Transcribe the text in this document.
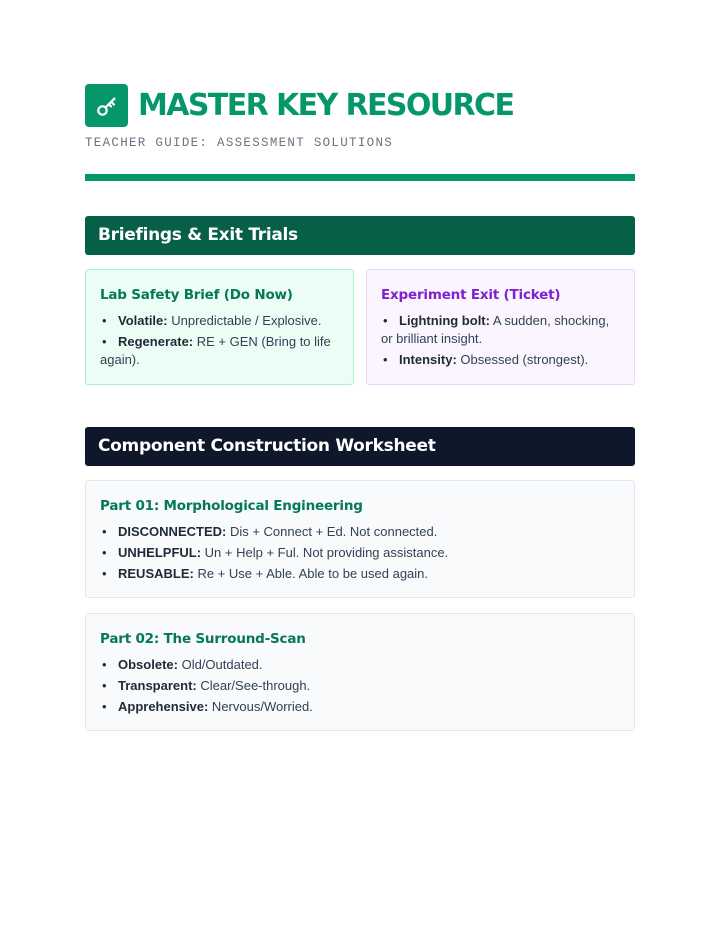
MASTER KEY RESOURCE
TEACHER GUIDE: ASSESSMENT SOLUTIONS
Briefings & Exit Trials
Lab Safety Brief (Do Now)
• Volatile: Unpredictable / Explosive.
• Regenerate: RE + GEN (Bring to life again).
Experiment Exit (Ticket)
• Lightning bolt: A sudden, shocking, or brilliant insight.
• Intensity: Obsessed (strongest).
Component Construction Worksheet
Part 01: Morphological Engineering
• DISCONNECTED: Dis + Connect + Ed. Not connected.
• UNHELPFUL: Un + Help + Ful. Not providing assistance.
• REUSABLE: Re + Use + Able. Able to be used again.
Part 02: The Surround-Scan
• Obsolete: Old/Outdated.
• Transparent: Clear/See-through.
• Apprehensive: Nervous/Worried.
